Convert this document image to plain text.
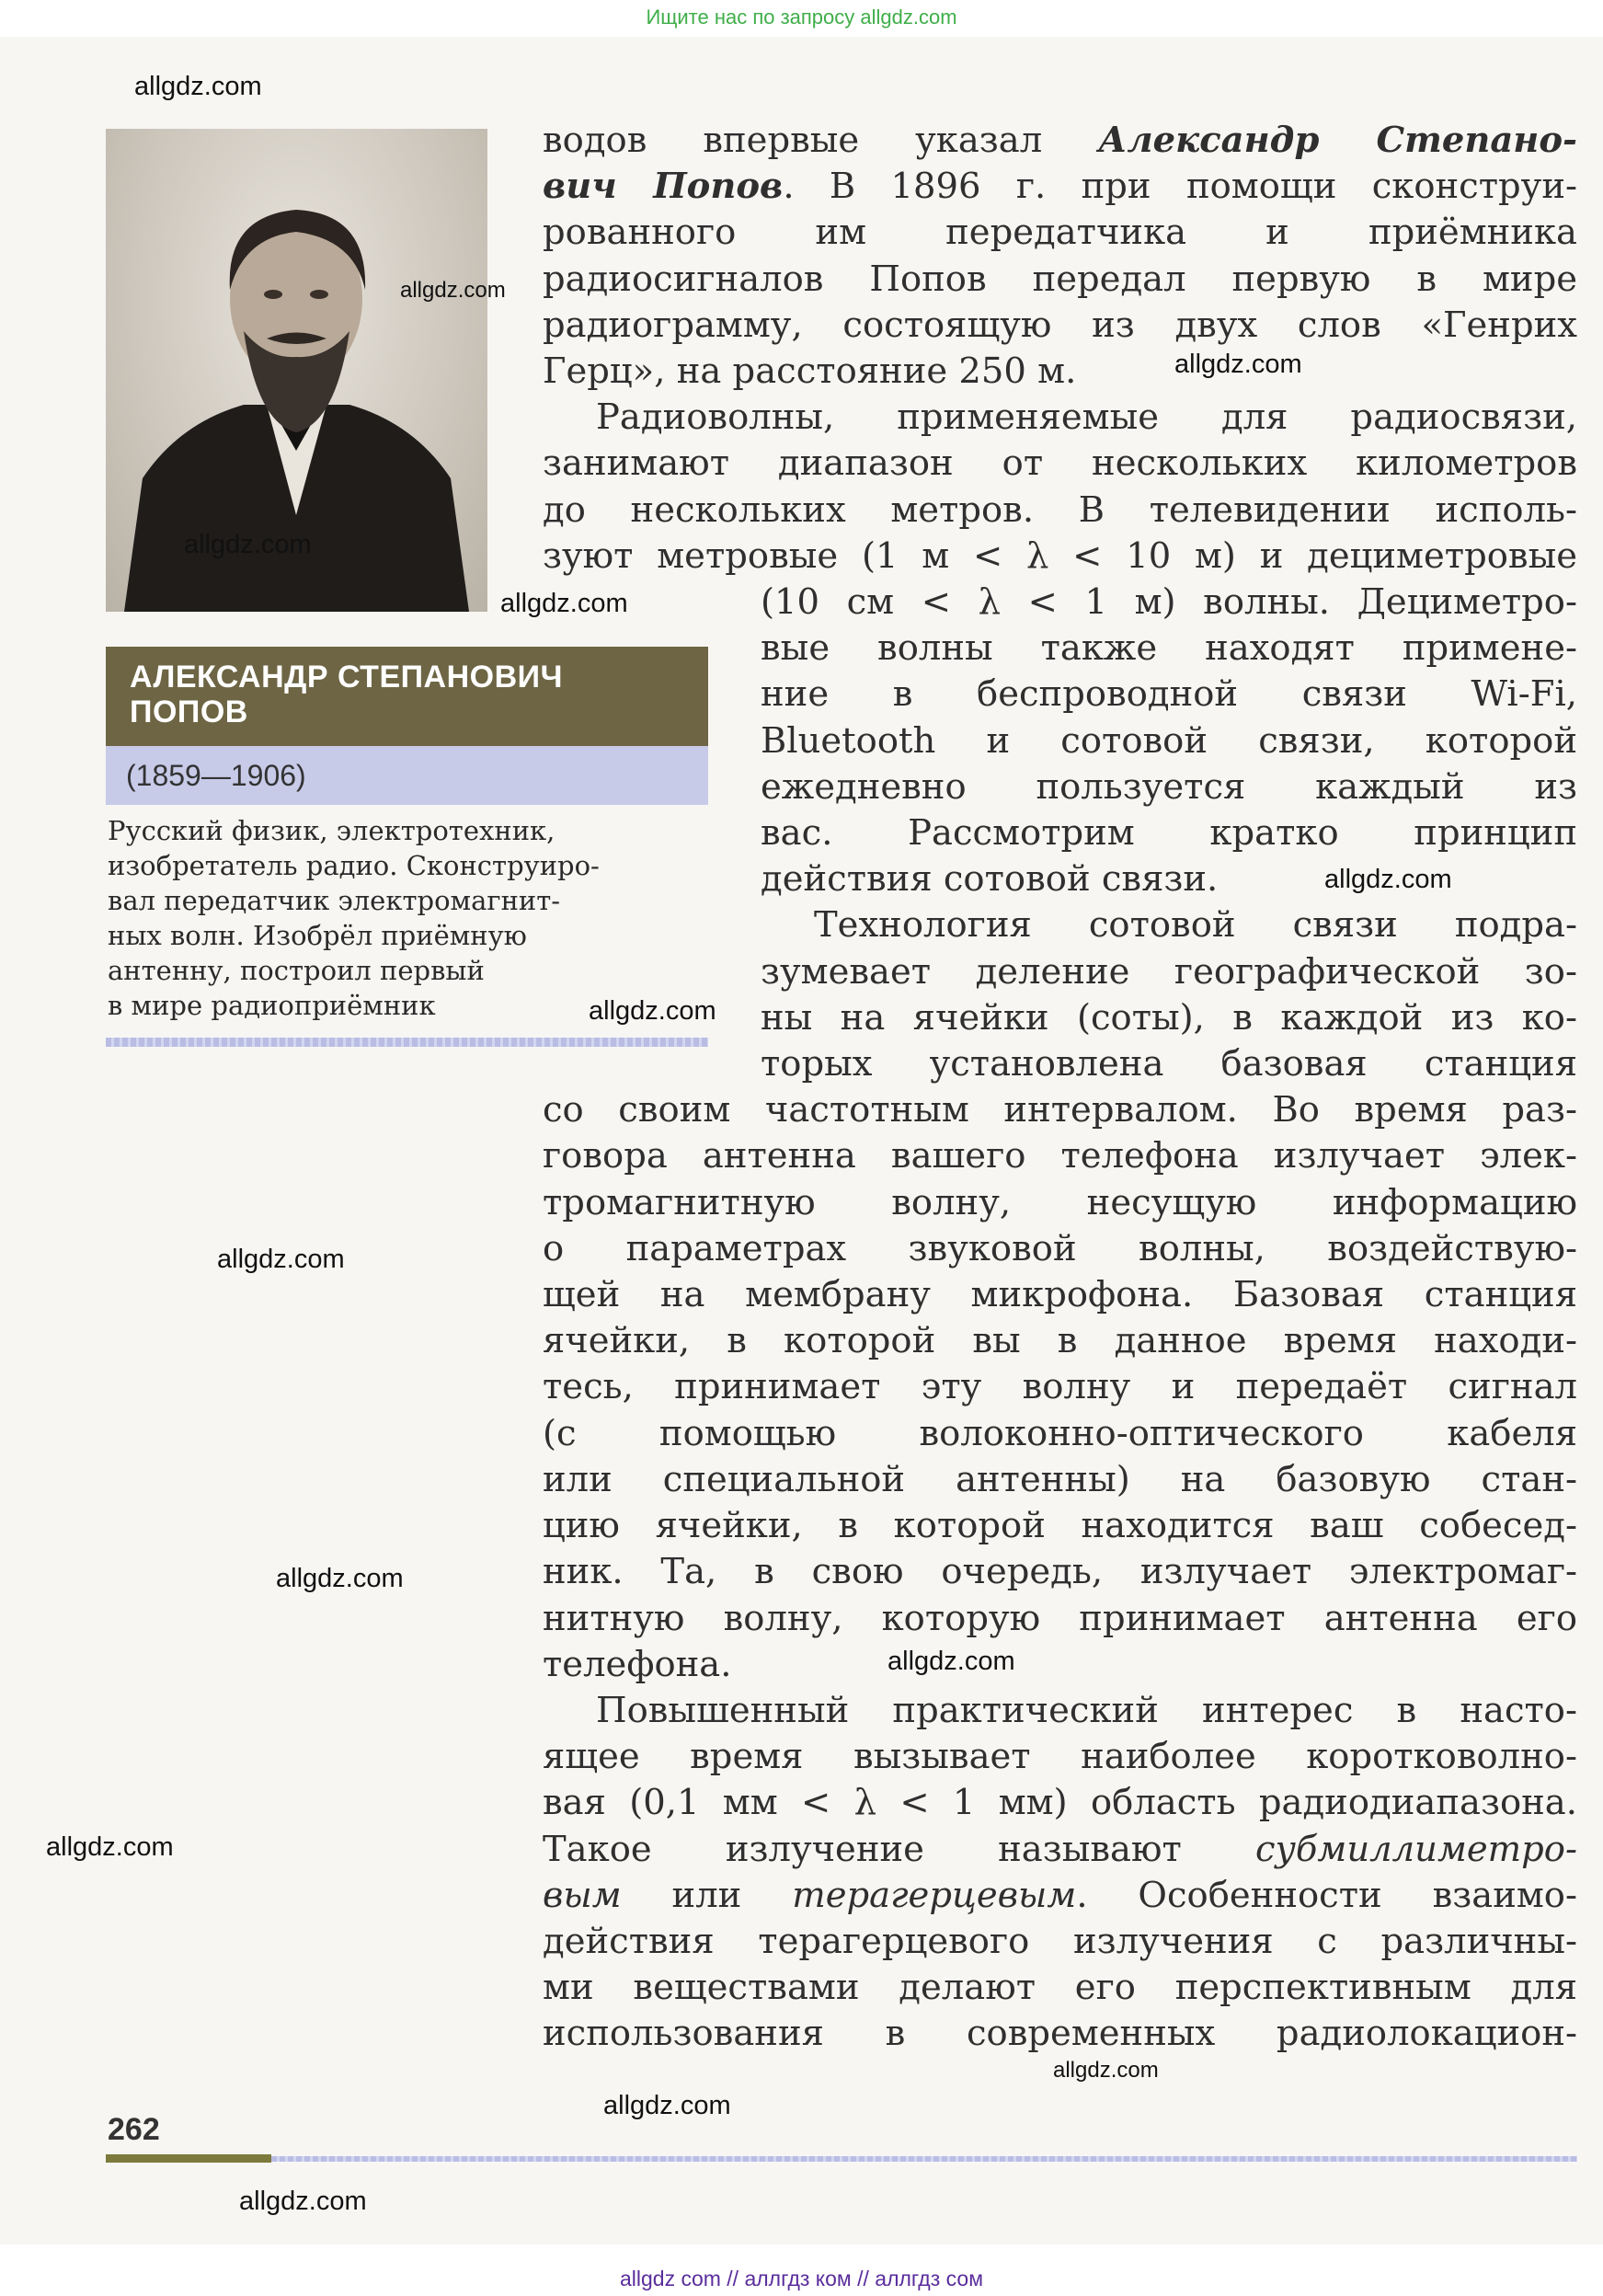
Ищите нас по запросу allgdz.com
АЛЕКСАНДР СТЕПАНОВИЧ
ПОПОВ
(1859—1906)
Русский физик, электротехник,
изобретатель радио. Сконструиро-
вал передатчик электромагнит-
ных волн. Изобрёл приёмную
антенну, построил первый
в мире радиоприёмник
водов впервые указал Александр Степано-
вич Попов. В 1896 г. при помощи сконструи-
рованного им передатчика и приёмника
радиосигналов Попов передал первую в мире
радиограмму, состоящую из двух слов «Генрих
Герц», на расстояние 250 м.
Радиоволны, применяемые для радиосвязи,
занимают диапазон от нескольких километров
до нескольких метров. В телевидении исполь-
зуют метровые (1 м < λ < 10 м) и дециметровые
(10 см < λ < 1 м) волны. Дециметро-
вые волны также находят примене-
ние в беспроводной связи Wi-Fi,
Bluetooth и сотовой связи, которой
ежедневно пользуется каждый из
вас. Рассмотрим кратко принцип
действия сотовой связи.
Технология сотовой связи подра-
зумевает деление географической зо-
ны на ячейки (соты), в каждой из ко-
торых установлена базовая станция
со своим частотным интервалом. Во время раз-
говора антенна вашего телефона излучает элек-
тромагнитную волну, несущую информацию
о параметрах звуковой волны, воздействую-
щей на мембрану микрофона. Базовая станция
ячейки, в которой вы в данное время находи-
тесь, принимает эту волну и передаёт сигнал
(с помощью волоконно-оптического кабеля
или специальной антенны) на базовую стан-
цию ячейки, в которой находится ваш собесед-
ник. Та, в свою очередь, излучает электромаг-
нитную волну, которую принимает антенна его
телефона.
Повышенный практический интерес в насто-
ящее время вызывает наиболее коротковолно-
вая (0,1 мм < λ < 1 мм) область радиодиапазона.
Такое излучение называют субмиллиметро-
вым или терагерцевым. Особенности взаимо-
действия терагерцевого излучения с различны-
ми веществами делают его перспективным для
использования в современных радиолокацион-
allgdz.com
allgdz.com
allgdz.com
allgdz.com
allgdz.com
allgdz.com
allgdz.com
allgdz.com
allgdz.com
allgdz.com
allgdz.com
allgdz.com
allgdz.com
allgdz.com
262
allgdz com // аллгдз ком // аллгдз сом
